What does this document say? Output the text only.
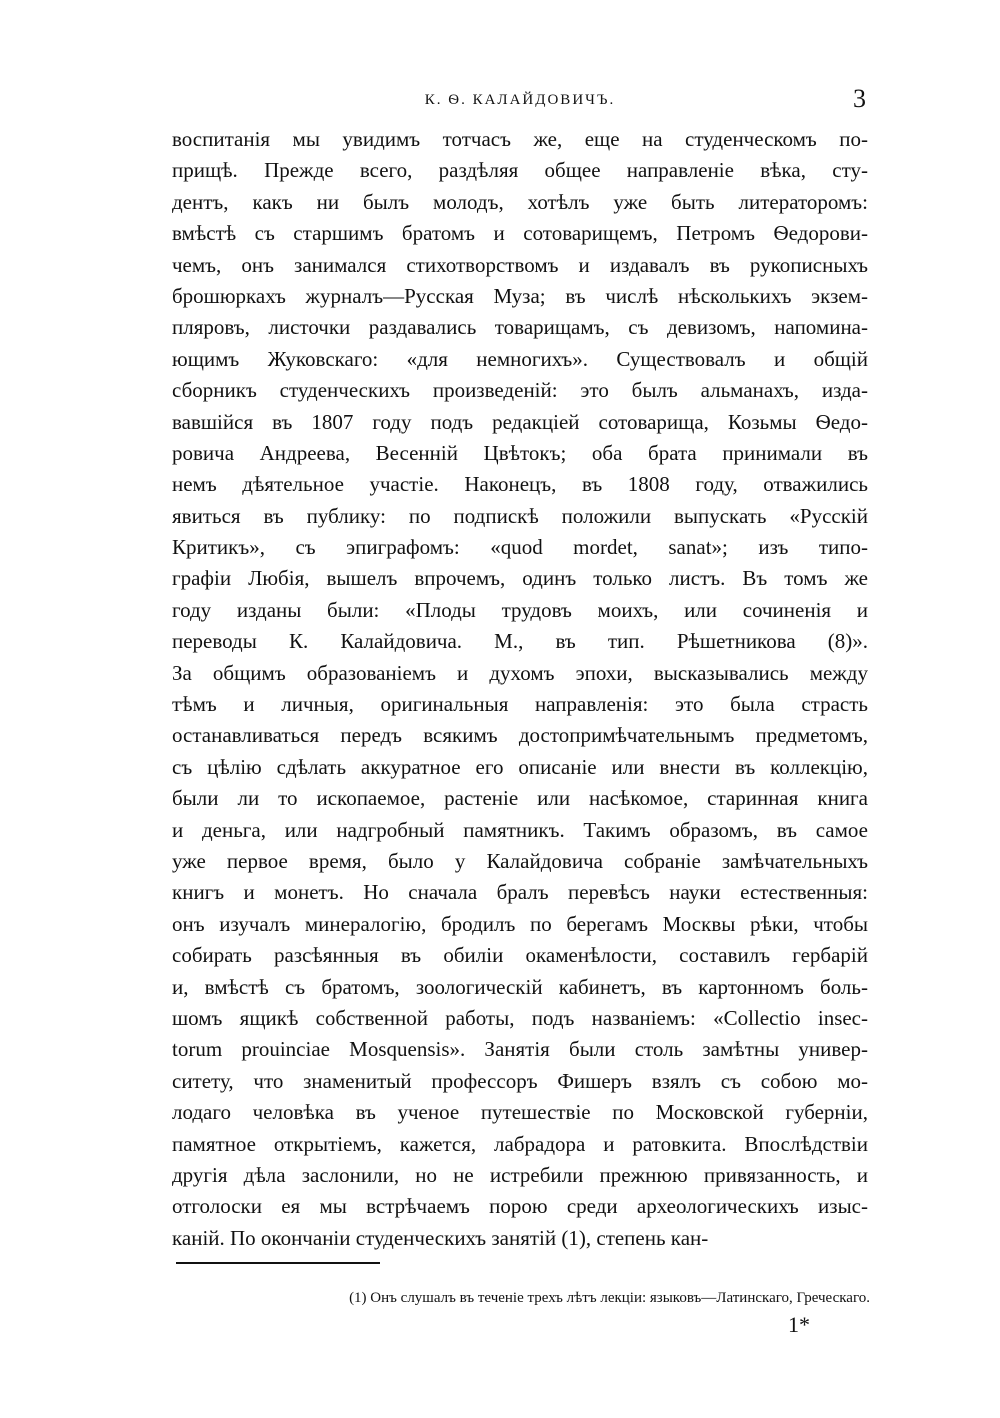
К. Ѳ. КАЛАЙДОВИЧЪ.	3
воспитанія мы увидимъ тотчасъ же, еще на студенческомъ по-
прищѣ. Прежде всего, раздѣляя общее направленіе вѣка, сту-
дентъ, какъ ни былъ молодъ, хотѣлъ уже быть литераторомъ:
вмѣстѣ съ старшимъ братомъ и сотоварищемъ, Петромъ Ѳедорови-
чемъ, онъ занимался стихотворствомъ и издавалъ въ рукописныхъ
брошюркахъ журналъ—Русская Муза; въ числѣ нѣсколькихъ экзем-
пляровъ, листочки раздавались товарищамъ, съ девизомъ, напомина-
ющимъ Жуковскаго: «для немногихъ». Существовалъ и общій
сборникъ студенческихъ произведеній: это былъ альманахъ, изда-
вавшійся въ 1807 году подъ редакціей сотоварища, Козьмы Ѳедо-
ровича Андреева, Весенній Цвѣтокъ; оба брата принимали въ
немъ дѣятельное участіе. Наконецъ, въ 1808 году, отважились
явиться въ публику: по подпискѣ положили выпускать «Русскій
Критикъ», съ эпиграфомъ: «quod mordet, sanat»; изъ типо-
графіи Любія, вышелъ впрочемъ, одинъ только листъ. Въ томъ же
году изданы были: «Плоды трудовъ моихъ, или сочиненія и
переводы К. Калайдовича. М., въ тип. Рѣшетникова (8)».
За общимъ образованіемъ и духомъ эпохи, высказывались между
тѣмъ и личныя, оригинальныя направленія: это была страсть
останавливаться передъ всякимъ достопримѣчательнымъ предметомъ,
съ цѣлію сдѣлать аккуратное его описаніе или внести въ коллекцію,
были ли то ископаемое, растеніе или насѣкомое, старинная книга
и деньга, или надгробный памятникъ. Такимъ образомъ, въ самое
уже первое время, было у Калайдовича собраніе замѣчательныхъ
книгъ и монетъ. Но сначала бралъ перевѣсъ науки естественныя:
онъ изучалъ минералогію, бродилъ по берегамъ Москвы рѣки, чтобы
собирать разсѣянныя въ обиліи окаменѣлости, составилъ гербарій
и, вмѣстѣ съ братомъ, зоологическій кабинетъ, въ картонномъ боль-
шомъ ящикѣ собственной работы, подъ названіемъ: «Collectio insec-
torum prouinciae Mosquensis». Занятія были столь замѣтны универ-
ситету, что знаменитый профессоръ Фишеръ взялъ съ собою мо-
лодаго человѣка въ ученое путешествіе по Московской губерніи,
памятное открытіемъ, кажется, лабрадора и ратовкита. Впослѣдствіи
другія дѣла заслонили, но не истребили прежнюю привязанность, и
отголоски ея мы встрѣчаемъ порою среди археологическихъ изыс-
каній. По окончаніи студенческихъ занятій (1), степень кан-
(1) Онъ слушалъ въ теченіе трехъ лѣтъ лекціи: языковъ—Латинскаго, Греческаго.
1*
